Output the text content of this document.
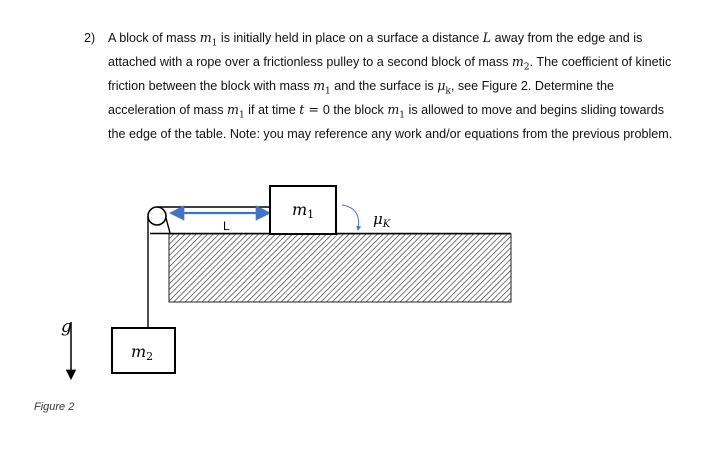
2) A block of mass $m_1$ is initially held in place on a surface a distance L away from the edge and is attached with a rope over a frictionless pulley to a second block of mass $m_2$. The coefficient of kinetic friction between the block with mass $m_1$ and the surface is $\mu_k$, see Figure 2. Determine the acceleration of mass $m_1$ if at time t = 0 the block $m_1$ is allowed to move and begins sliding towards the edge of the table. Note: you may reference any work and/or equations from the previous problem.
L
m1	$\mu_K$
m2
g
Figure 2
